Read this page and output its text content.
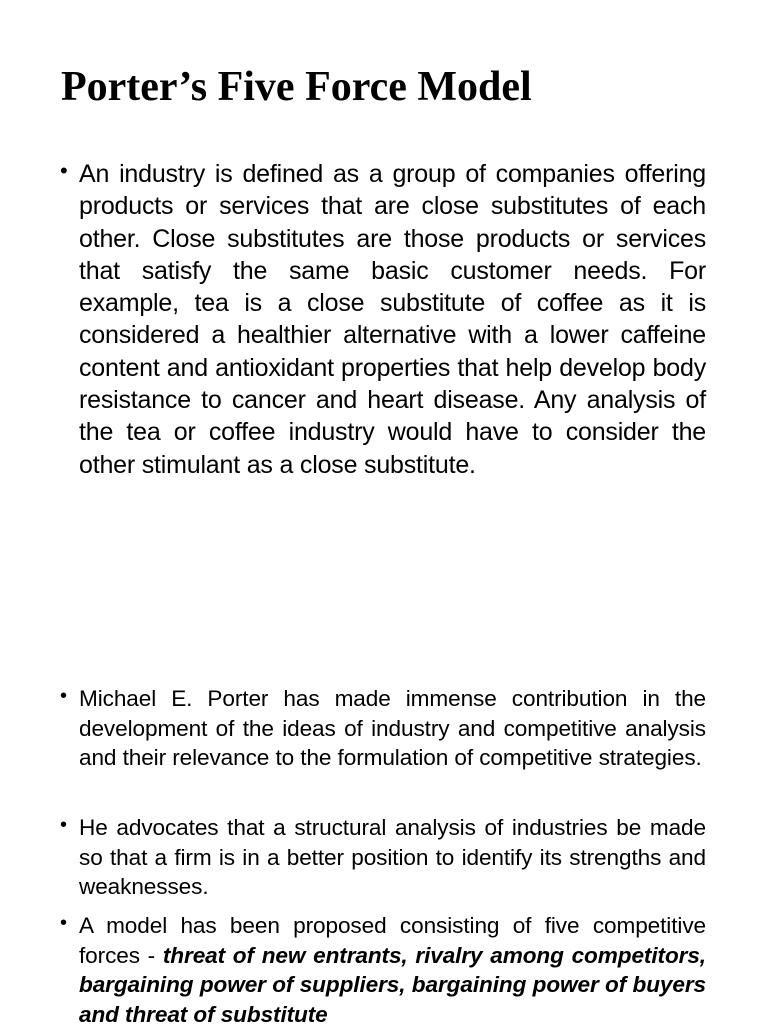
Porter’s Five Force Model

• An industry is defined as a group of companies offering products or services that are close substitutes of each other. Close substitutes are those products or services that satisfy the same basic customer needs. For example, tea is a close substitute of coffee as it is considered a healthier alternative with a lower caffeine content and antioxidant properties that help develop body resistance to cancer and heart disease. Any analysis of the tea or coffee industry would have to consider the other stimulant as a close substitute.

• Michael E. Porter has made immense contribution in the development of the ideas of industry and competitive analysis and their relevance to the formulation of competitive strategies.

• He advocates that a structural analysis of industries be made so that a firm is in a better position to identify its strengths and weaknesses.

• A model has been proposed consisting of five competitive forces - threat of new entrants, rivalry among competitors, bargaining power of suppliers, bargaining power of buyers and threat of substitute
